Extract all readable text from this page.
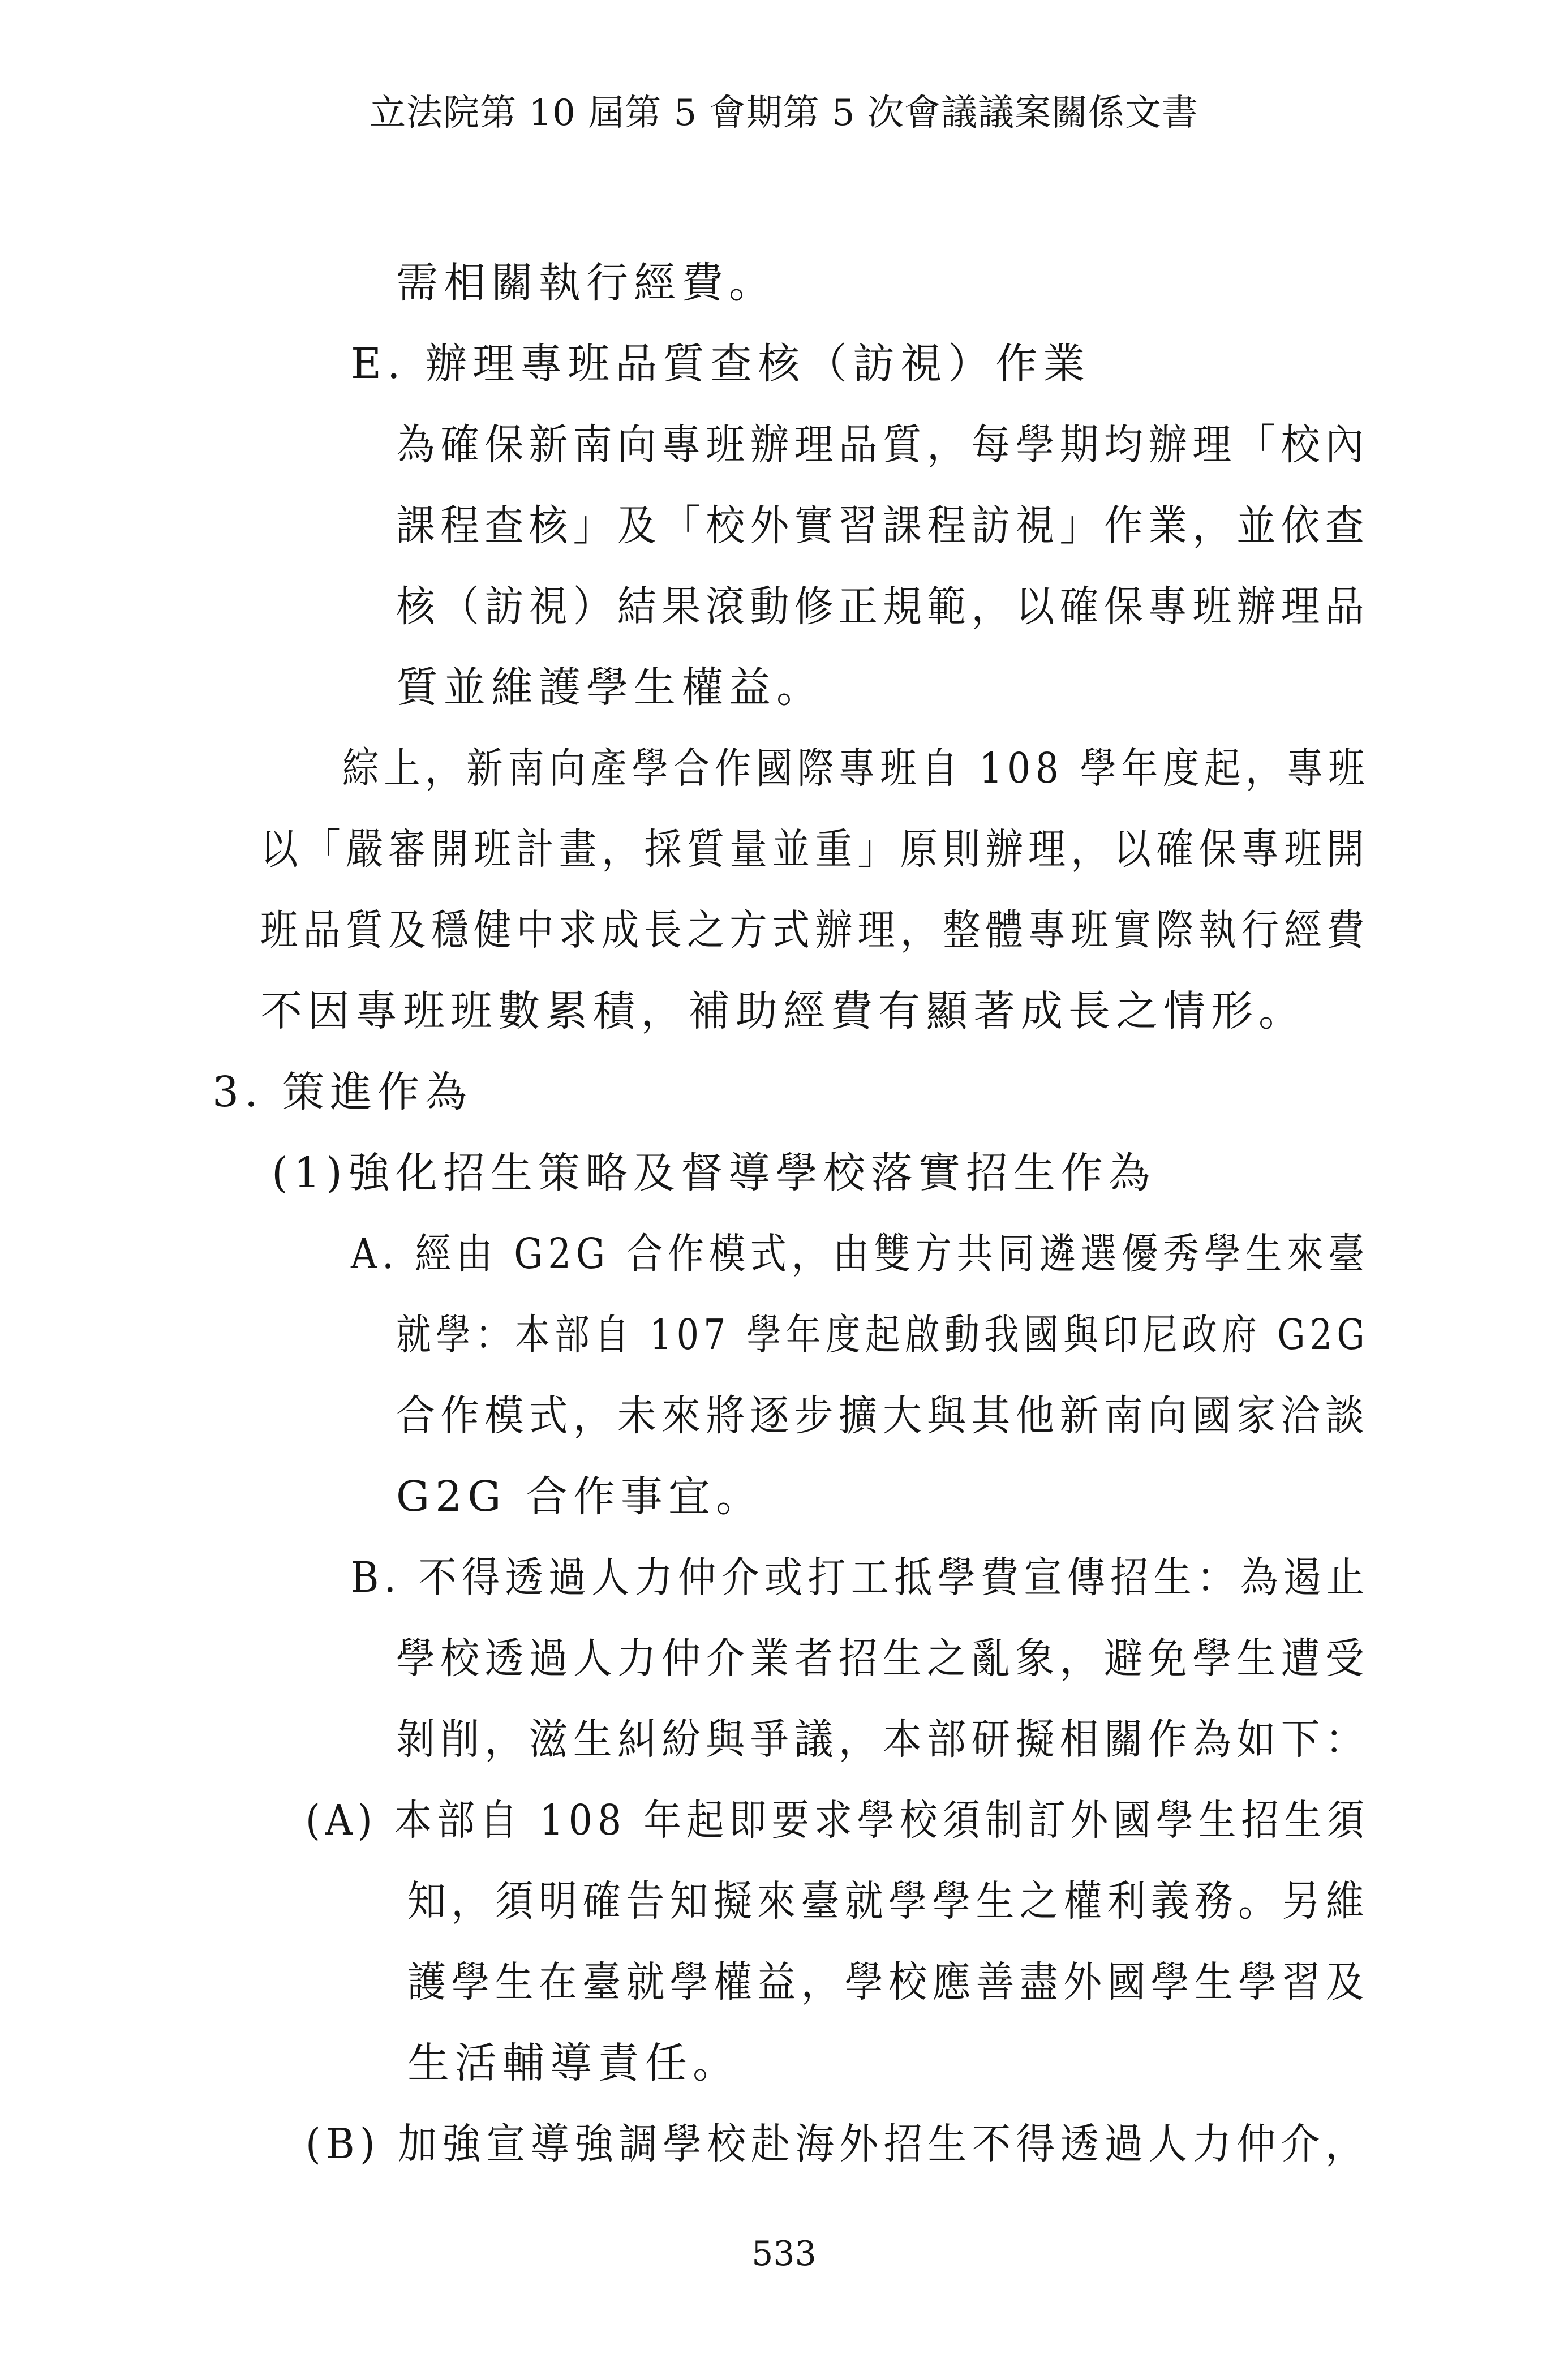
立法院第 10 屆第 5 會期第 5 次會議議案關係文書
需相關執行經費。
E. 辦理專班品質查核（訪視）作業
為確保新南向專班辦理品質，每學期均辦理「校內
課程查核」及「校外實習課程訪視」作業，並依查
核（訪視）結果滾動修正規範，以確保專班辦理品
質並維護學生權益。
綜上，新南向產學合作國際專班自 108 學年度起，專班
以「嚴審開班計畫，採質量並重」原則辦理，以確保專班開
班品質及穩健中求成長之方式辦理，整體專班實際執行經費
不因專班班數累積，補助經費有顯著成長之情形。
3. 策進作為
(1)強化招生策略及督導學校落實招生作為
A. 經由 G2G 合作模式，由雙方共同遴選優秀學生來臺
就學：本部自 107 學年度起啟動我國與印尼政府 G2G
合作模式，未來將逐步擴大與其他新南向國家洽談
G2G 合作事宜。
B. 不得透過人力仲介或打工抵學費宣傳招生：為遏止
學校透過人力仲介業者招生之亂象，避免學生遭受
剝削，滋生糾紛與爭議，本部研擬相關作為如下：
(A) 本部自 108 年起即要求學校須制訂外國學生招生須
知，須明確告知擬來臺就學學生之權利義務。另維
護學生在臺就學權益，學校應善盡外國學生學習及
生活輔導責任。
(B) 加強宣導強調學校赴海外招生不得透過人力仲介，
533
